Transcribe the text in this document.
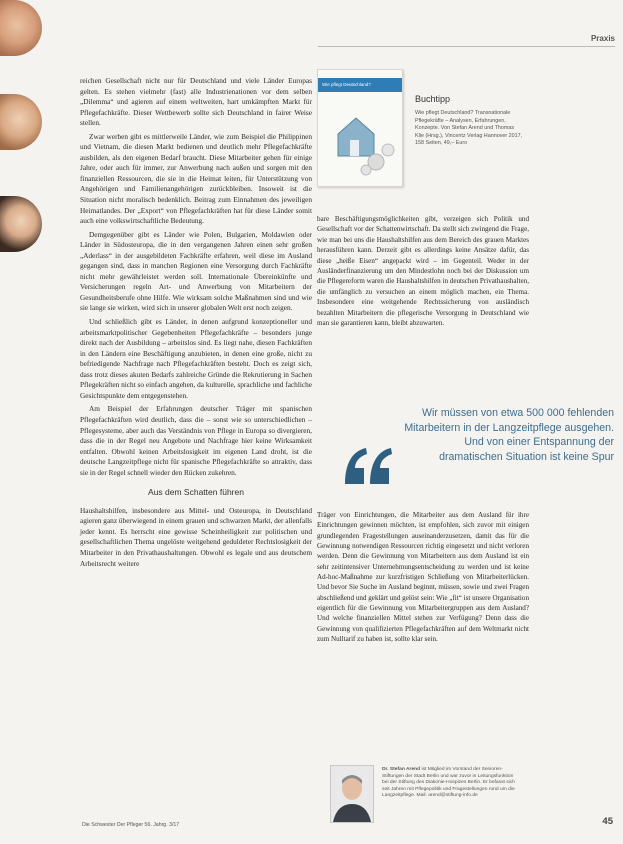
Praxis

reichen Gesellschaft nicht nur für Deutschland und viele Länder Europas gelten. Es stehen vielmehr (fast) alle Industrienationen vor dem selben „Dilemma“ und agieren auf einem weltweiten, hart umkämpften Markt für Pflegefachkräfte. Dieser Wettbewerb sollte sich Deutschland in fairer Weise stellen.

Zwar werben gibt es mittlerweile Länder, wie zum Beispiel die Philippinen und Vietnam, die diesen Markt bedienen und deutlich mehr Pflegefachkräfte ausbilden, als den eigenen Bedarf braucht. Diese Mitarbeiter gehen für einige Jahre, oder auch für immer, zur Anwerbung nach außen und sorgen mit den finanziellen Ressourcen, die sie in die Heimat leiten, für Unterstützung von Angehörigen und Familienangehörigen zurückbleiben. Insoweit ist die Situation nicht moralisch bedenklich. Beitrag zum Einnahmen des jeweiligen Heimatlandes. Der „Export“ von Pflegefachkräften hat für diese Länder somit auch eine volkswirtschaftliche Bedeutung.

Demgegenüber gibt es Länder wie Polen, Bulgarien, Moldawien oder Länder in Südosteuropa, die in den vergangenen Jahren einen sehr großen „Aderlass“ in der ausgebildeten Fachkräfte erfahren, weil diese im Ausland gegangen sind, dass in manchen Regionen eine Versorgung durch Fachkräfte nicht mehr gewährleistet werden soll. Internationale Übereinkünfte und Versicherungen regeln Art- und Anwerbung von Mitarbeitern der Gesundheitsberufe ohne Hilfe. Wie wirksam solche Maßnahmen sind und wie sie lange sie wirken, wird sich in unserer globalen Welt erst noch zeigen.

Und schließlich gibt es Länder, in denen aufgrund konzeptioneller und arbeitsmarktpolitischer Gegebenheiten Pflegefachkräfte – besonders junge direkt nach der Ausbildung – arbeitslos sind. Es liegt nahe, diesen Fachkräften in den Ländern eine Beschäftigung anzubieten, in denen eine große, nicht zu befriedigende Nachfrage nach Pflegefachkräften besteht. Doch es zeigt sich, dass trotz dieses akuten Bedarfs zahlreiche Gründe die Rekrutierung in Sachen Pflegekräften nicht so einfach angehen, da kulturelle, sprachliche und fachliche Gesichtspunkte dem entgegenstehen.

Am Beispiel der Erfahrungen deutscher Träger mit spanischen Pflegefachkräften wird deutlich, dass die – sonst wie so unterschiedlichen – Pflegesysteme, aber auch das Verständnis von Pflege in Europa so divergieren, dass die in der Regel neu Angebote und Nachfrage hier keine Wirksamkeit entfalten. Obwohl keinen Arbeitslosigkeit im eigenen Land droht, ist die deutsche Langzeitpflege nicht für spanische Pflegefachkräfte so attraktiv, dass sie in der Regel schnell wieder den Rücken zukehren.

Aus dem Schatten führen

Haushaltshilfen, insbesondere aus Mittel- und Osteuropa, in Deutschland agieren ganz überwiegend in einem grauen und schwarzen Markt, der allenfalls jeder kennt. Es herrscht eine gewisse Scheinheiligkeit zur politischen und gesellschaftlichen Thema ungelöste weitgehend geduldeter Rechtslosigkeit der Mitarbeiter in den Privathaushaltungen. Obwohl es legale und aus deutschem Arbeitsrecht weitere

Wie pflegt Deutschland?
Buchtipp
Wie pflegt Deutschland? Transnationale Pflegekräfte – Analysen, Erfahrungen, Konzepte. Von Stefan Arend und Thomas Klie (Hrsg.), Vincentz Verlag Hannover 2017, 158 Seiten, 49,– Euro

bare Beschäftigungsmöglichkeiten gibt, verzeigen sich Politik und Gesellschaft vor der Schattenwirtschaft. Da stellt sich zwingend die Frage, wie man bei uns die Haushaltshilfen aus dem Bereich des grauen Marktes herausführen kann. Derzeit gibt es allerdings keine Ansätze dafür, das diese „heiße Eisen“ angepackt wird – im Gegenteil. Weder in der Ausländerfinanzierung um den Mindestlohn noch bei der Diskussion um die Pflegereform waren die Haushaltshilfen in deutschen Privathaushalten, die umfänglich zu versuchen an einem möglich machen, ein Thema. Insbesondere eine weitgehende Rechtssicherung von ausländisch bezahlten Mitarbeitern die pflegerische Versorgung in Deutschland wie man sie garantieren kann, bleibt abzuwarten.

Wir müssen von etwa 500 000 fehlenden Mitarbeitern in der Langzeitpflege ausgehen. Und von einer Entspannung der dramatischen Situation ist keine Spur

Träger von Einrichtungen, die Mitarbeiter aus dem Ausland für ihre Einrichtungen gewinnen möchten, ist empfohlen, sich zuvor mit einigen grundlegenden Fragestellungen auseinanderzusetzen, damit das für die Gewinnung notwendigen Ressourcen richtig eingesetzt und nicht verloren werden. Denn die Gewinnung von Mitarbeitern aus dem Ausland ist ein sehr zeitintensiver Unternehmungsentscheidung zu werden und ist keine Ad-hoc-Maßnahme zur kurzfristigen Schließung von Mitarbeiterlücken. Und bevor Sie Suche im Ausland beginnt, müssen, sowie und zwei Fragen abschließend und geklärt und gelöst sein: Wie „fit“ ist unsere Organisation eigentlich für die Gewinnung von Mitarbeitergruppen aus dem Ausland? Und welche finanziellen Mittel stehen zur Verfügung? Denn dass die Gewinnung von qualifizierten Pflegefachkräften auf dem Weltmarkt nicht zum Nulltarif zu haben ist, sollte klar sein.

Dr. Stefan Arend ist Mitglied im Vorstand der Senioren-Stiftungen der Stadt Berlin und war zuvor in Leitungsfunktion bei der Stiftung des Diakonie-Hospizes Berlin. Er befasst sich seit Jahren mit Pflegepolitik und Fragestellungen rund um die Langzeitpflege. Mail: arend@stiftung-info.de
Die Schwester Der Pfleger 56. Jahrg. 3/17	45
